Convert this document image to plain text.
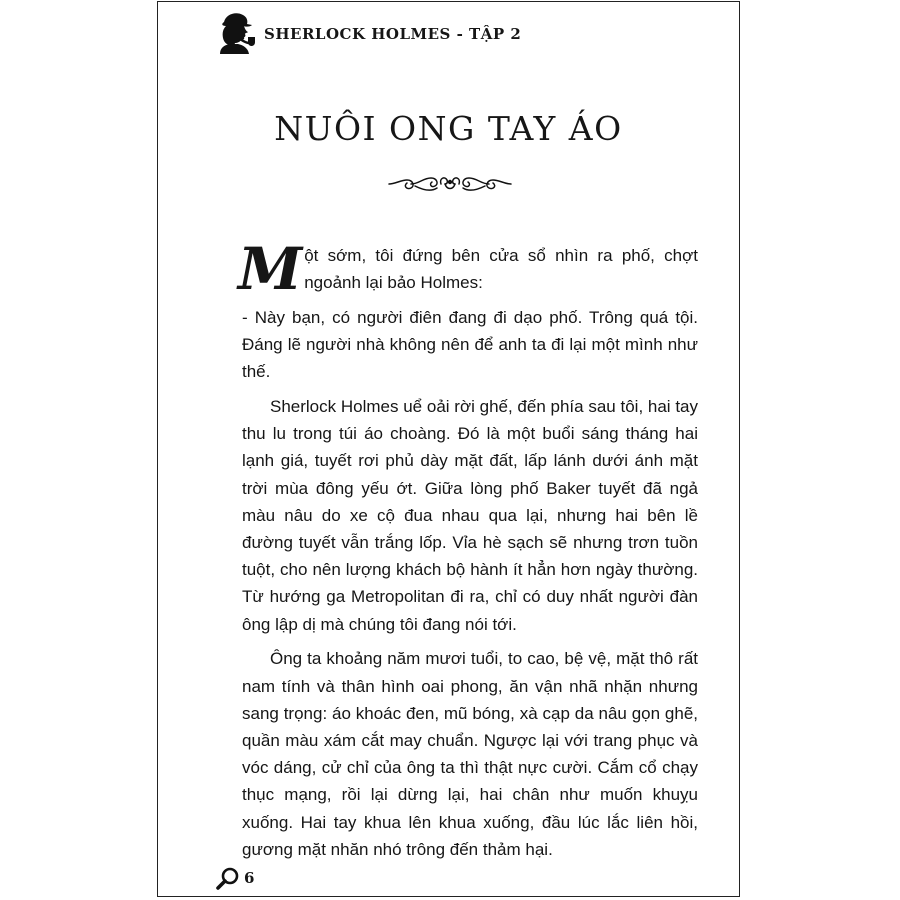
SHERLOCK HOLMES - TẬP 2
NUÔI ONG TAY ÁO

Một sớm, tôi đứng bên cửa sổ nhìn ra phố, chợt ngoảnh lại bảo Holmes:

- Này bạn, có người điên đang đi dạo phố. Trông quá tội. Đáng lẽ người nhà không nên để anh ta đi lại một mình như thế.

Sherlock Holmes uể oải rời ghế, đến phía sau tôi, hai tay thu lu trong túi áo choàng. Đó là một buổi sáng tháng hai lạnh giá, tuyết rơi phủ dày mặt đất, lấp lánh dưới ánh mặt trời mùa đông yếu ớt. Giữa lòng phố Baker tuyết đã ngả màu nâu do xe cộ đua nhau qua lại, nhưng hai bên lề đường tuyết vẫn trắng lốp. Vỉa hè sạch sẽ nhưng trơn tuồn tuột, cho nên lượng khách bộ hành ít hẳn hơn ngày thường. Từ hướng ga Metropolitan đi ra, chỉ có duy nhất người đàn ông lập dị mà chúng tôi đang nói tới.

Ông ta khoảng năm mươi tuổi, to cao, bệ vệ, mặt thô rất nam tính và thân hình oai phong, ăn vận nhã nhặn nhưng sang trọng: áo khoác đen, mũ bóng, xà cạp da nâu gọn ghẽ, quần màu xám cắt may chuẩn. Ngược lại với trang phục và vóc dáng, cử chỉ của ông ta thì thật nực cười. Cắm cổ chạy thục mạng, rồi lại dừng lại, hai chân như muốn khuỵu xuống. Hai tay khua lên khua xuống, đầu lúc lắc liên hồi, gương mặt nhăn nhó trông đến thảm hại.

6
